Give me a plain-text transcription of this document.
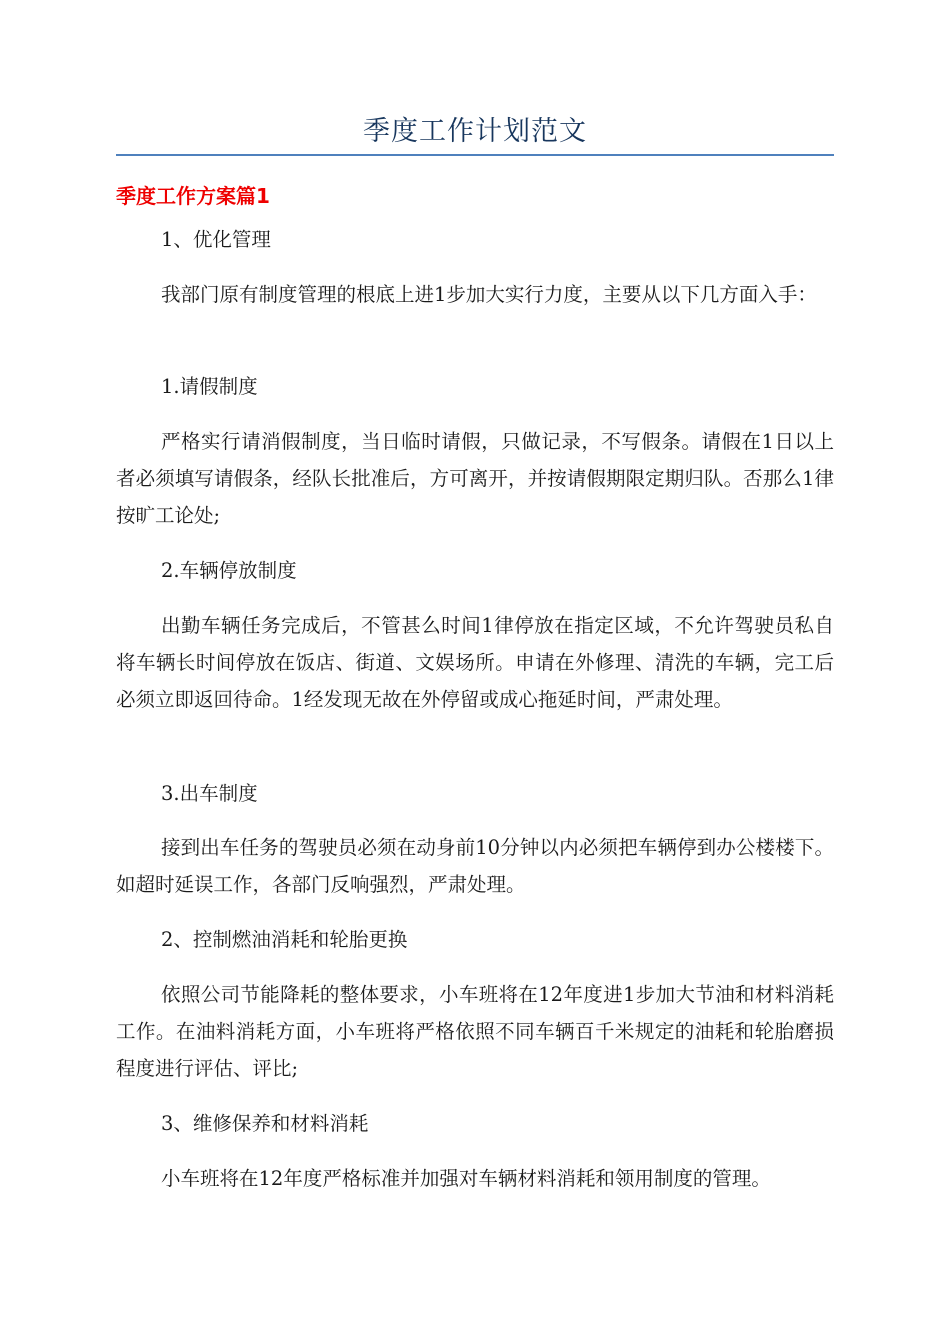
季度工作计划范文
季度工作方案篇1

1、优化管理

我部门原有制度管理的根底上进1步加大实行力度，主要从以下几方面入手：

1.请假制度

严格实行请消假制度，当日临时请假，只做记录，不写假条。请假在1日以上者必须填写请假条，经队长批准后，方可离开，并按请假期限定期归队。否那么1律按旷工论处;

2.车辆停放制度

出勤车辆任务完成后，不管甚么时间1律停放在指定区域，不允许驾驶员私自将车辆长时间停放在饭店、街道、文娱场所。申请在外修理、清洗的车辆，完工后必须立即返回待命。1经发现无故在外停留或成心拖延时间，严肃处理。

3.出车制度

接到出车任务的驾驶员必须在动身前10分钟以内必须把车辆停到办公楼楼下。如超时延误工作，各部门反响强烈，严肃处理。

2、控制燃油消耗和轮胎更换

依照公司节能降耗的整体要求，小车班将在12年度进1步加大节油和材料消耗工作。在油料消耗方面，小车班将严格依照不同车辆百千米规定的油耗和轮胎磨损程度进行评估、评比;

3、维修保养和材料消耗

小车班将在12年度严格标准并加强对车辆材料消耗和领用制度的管理。
